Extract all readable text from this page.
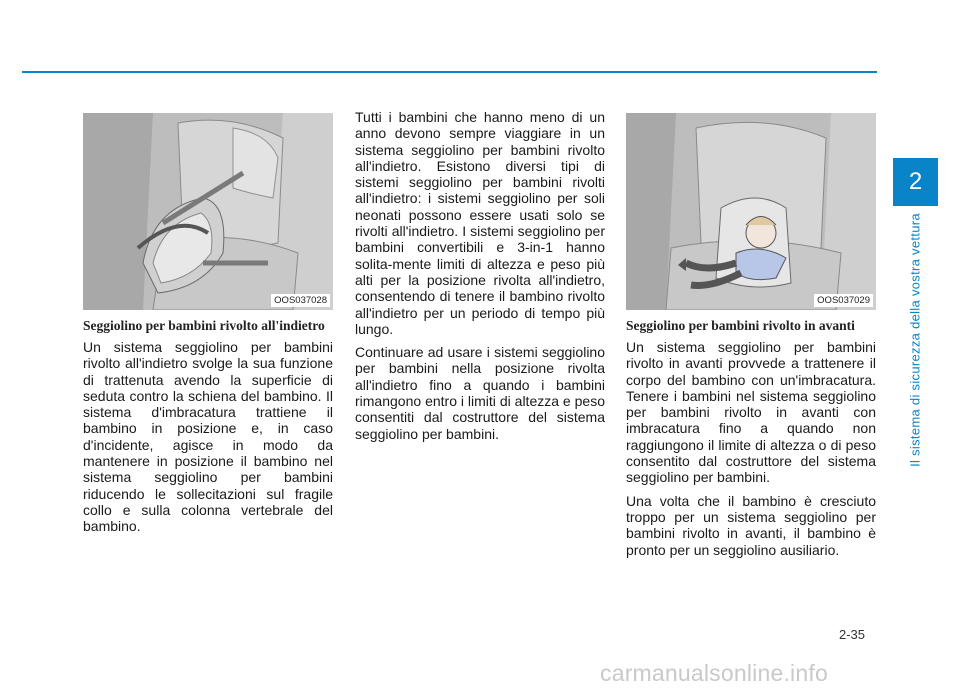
2
Il sistema di sicurezza della vostra vettura
OOS037028
Seggiolino per bambini rivolto all'indietro

Un sistema seggiolino per bambini rivolto all'indietro svolge la sua funzione di trattenuta avendo la superficie di seduta contro la schiena del bambino. Il sistema d'imbracatura trattiene il bambino in posizione e, in caso d'incidente, agisce in modo da mantenere in posizione il bambino nel sistema seggiolino per bambini riducendo le sollecitazioni sul fragile collo e sulla colonna vertebrale del bambino.

Tutti i bambini che hanno meno di un anno devono sempre viaggiare in un sistema seggiolino per bambini rivolto all'indietro. Esistono diversi tipi di sistemi seggiolino per bambini rivolti all'indietro: i sistemi seggiolino per soli neonati possono essere usati solo se rivolti all'indietro. I sistemi seggiolino per bambini convertibili e 3-in-1 hanno solita-mente limiti di altezza e peso più alti per la posizione rivolta all'indietro, consentendo di tenere il bambino rivolto all'indietro per un periodo di tempo più lungo.

Continuare ad usare i sistemi seggiolino per bambini nella posizione rivolta all'indietro fino a quando i bambini rimangono entro i limiti di altezza e peso consentiti dal costruttore del sistema seggiolino per bambini.

OOS037029
Seggiolino per bambini rivolto in avanti

Un sistema seggiolino per bambini rivolto in avanti provvede a trattenere il corpo del bambino con un'imbracatura. Tenere i bambini nel sistema seggiolino per bambini rivolto in avanti con imbracatura fino a quando non raggiungono il limite di altezza o di peso consentito dal costruttore del sistema seggiolino per bambini.

Una volta che il bambino è cresciuto troppo per un sistema seggiolino per bambini rivolto in avanti, il bambino è pronto per un seggiolino ausiliario.

2-35
carmanualsonline.info
